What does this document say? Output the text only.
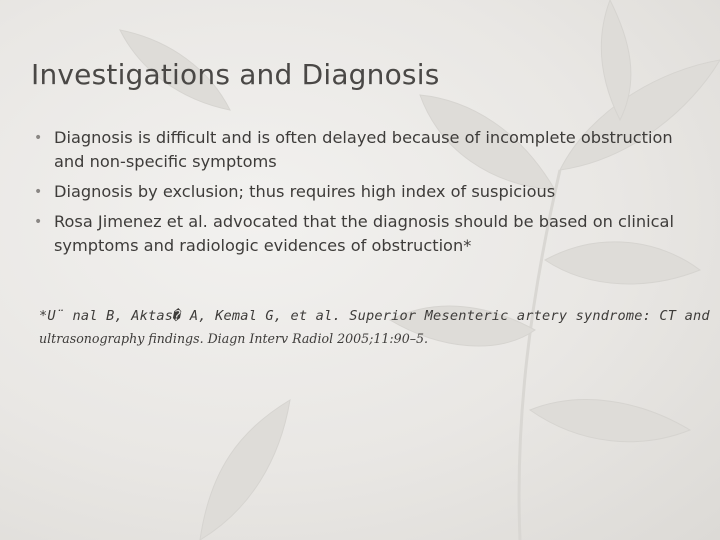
Investigations and Diagnosis
• Diagnosis is difficult and is often delayed because of incomplete obstruction and non-specific symptoms
• Diagnosis by exclusion; thus requires high index of suspicious
• Rosa Jimenez et al. advocated that the diagnosis should be based on clinical symptoms and radiologic evidences of obstruction*
*U¨ nal B, Aktas� A, Kemal G, et al. Superior Mesenteric artery syndrome: CT and
ultrasonography findings. Diagn Interv Radiol 2005;11:90–5.
